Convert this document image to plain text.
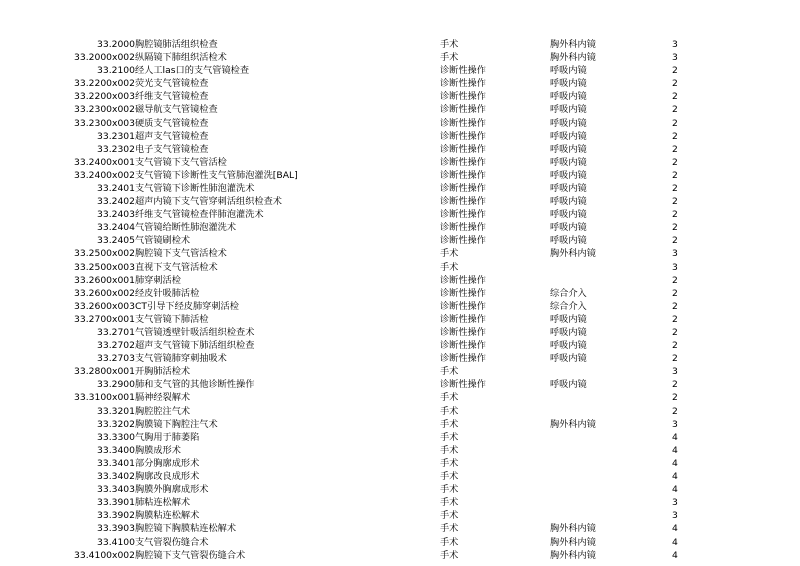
33.2000	胸腔镜肺活组织检查	手术	胸外科内镜	3	
33.2000x002	纵隔镜下肺组织活检术	手术	胸外科内镜	3	
33.2100	经人工las口的支气管镜检查	诊断性操作	呼吸内镜	2	
33.2200x002	荧光支气管镜检查	诊断性操作	呼吸内镜	2	
33.2200x003	纤维支气管镜检查	诊断性操作	呼吸内镜	2	
33.2300x002	磁导航支气管镜检查	诊断性操作	呼吸内镜	2	
33.2300x003	硬质支气管镜检查	诊断性操作	呼吸内镜	2	
33.2301	超声支气管镜检查	诊断性操作	呼吸内镜	2	
33.2302	电子支气管镜检查	诊断性操作	呼吸内镜	2	
33.2400x001	支气管镜下支气管活检	诊断性操作	呼吸内镜	2	
33.2400x002	支气管镜下诊断性支气管肺泡灌洗[BAL]	诊断性操作	呼吸内镜	2	
33.2401	支气管镜下诊断性肺泡灌洗术	诊断性操作	呼吸内镜	2	
33.2402	超声内镜下支气管穿刺活组织检查术	诊断性操作	呼吸内镜	2	
33.2403	纤维支气管镜检查伴肺泡灌洗术	诊断性操作	呼吸内镜	2	
33.2404	气管镜给断性肺泡灌洗术	诊断性操作	呼吸内镜	2	
33.2405	气管镜刷检术	诊断性操作	呼吸内镜	2	
33.2500x002	胸腔镜下支气管活检术	手术	胸外科内镜	3	
33.2500x003	直视下支气管活检术	手术		3	
33.2600x001	肺穿刺活检	诊断性操作		2	
33.2600x002	经皮针吸肺活检	诊断性操作	综合介入	2	
33.2600x003	CT引导下经皮肺穿刺活检	诊断性操作	综合介入	2	
33.2700x001	支气管镜下肺活检	诊断性操作	呼吸内镜	2	
33.2701	气管镜透壁针吸活组织检查术	诊断性操作	呼吸内镜	2	
33.2702	超声支气管镜下肺活组织检查	诊断性操作	呼吸内镜	2	
33.2703	支气管镜肺穿刺抽吸术	诊断性操作	呼吸内镜	2	
33.2800x001	开胸肺活检术	手术		3	
33.2900	肺和支气管的其他诊断性操作	诊断性操作	呼吸内镜	2	
33.3100x001	膈神经裂解术	手术		2	
33.3201	胸腔腔注气术	手术		2	
33.3202	胸膜镜下胸腔注气术	手术	胸外科内镜	3	
33.3300	气胸用于肺萎陷	手术		4	
33.3400	胸膜成形术	手术		4	
33.3401	部分胸廓成形术	手术		4	
33.3402	胸廓改良成形术	手术		4	
33.3403	胸膜外胸廓成形术	手术		4	
33.3901	肺粘连松解术	手术		3	
33.3902	胸膜粘连松解术	手术		3	
33.3903	胸腔镜下胸膜粘连松解术	手术	胸外科内镜	4	
33.4100	支气管裂伤缝合术	手术	胸外科内镜	4	
33.4100x002	胸腔镜下支气管裂伤缝合术	手术	胸外科内镜	4	
